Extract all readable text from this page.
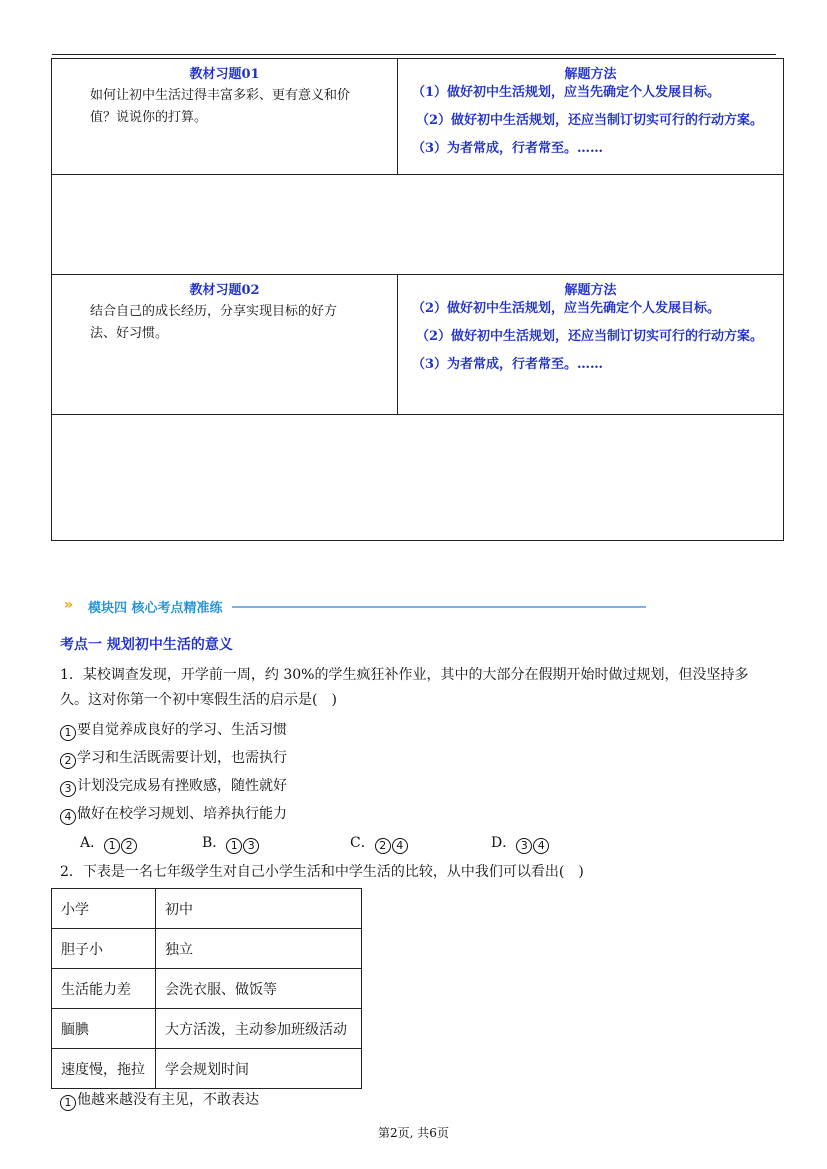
教材习题01
如何让初中生活过得丰富多彩、更有意义和价值？说说你的打算。

解题方法
（1）做好初中生活规划，应当先确定个人发展目标。
（2）做好初中生活规划，还应当制订切实可行的行动方案。
（3）为者常成，行者常至。……

教材习题02
结合自己的成长经历，分享实现目标的好方法、好习惯。

解题方法
（2）做好初中生活规划，应当先确定个人发展目标。
（2）做好初中生活规划，还应当制订切实可行的行动方案。
（3）为者常成，行者常至。……

» 模块四 核心考点精准练
考点一 规划初中生活的意义
1．某校调查发现，开学前一周，约 30%的学生疯狂补作业，其中的大部分在假期开始时做过规划，但没坚持多
久。这对你第一个初中寒假生活的启示是(　)
1 要自觉养成良好的学习、生活习惯
2 学习和生活既需要计划，也需执行
3 计划没完成易有挫败感，随性就好
4 做好在校学习规划、培养执行能力
A． 1 2	B． 1 3	C． 2 4	D． 3 4
2．下表是一名七年级学生对自己小学生活和中学生活的比较，从中我们可以看出(　)
小学	初中
胆子小	独立
生活能力差	会洗衣服、做饭等
腼腆	大方活泼，主动参加班级活动
速度慢，拖拉	学会规划时间
1 他越来越没有主见，不敢表达
第2页, 共6页
